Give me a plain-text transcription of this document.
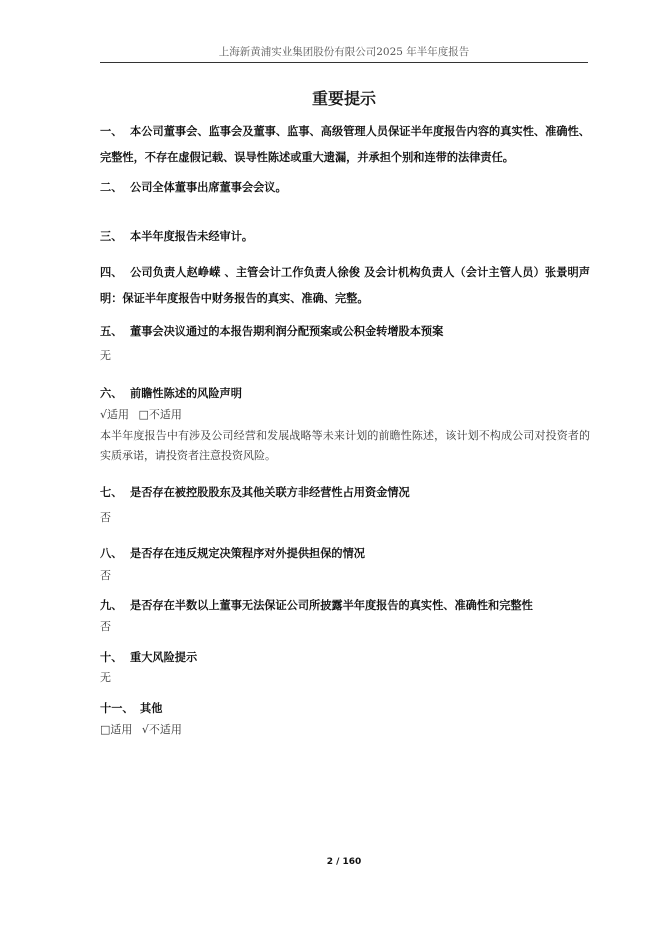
上海新黄浦实业集团股份有限公司2025 年半年度报告
重要提示
一、 本公司董事会、监事会及董事、监事、高级管理人员保证半年度报告内容的真实性、准确性、完整性，不存在虚假记载、误导性陈述或重大遗漏，并承担个别和连带的法律责任。
二、 公司全体董事出席董事会会议。
三、 本半年度报告未经审计。
四、 公司负责人赵峥嵘 、主管会计工作负责人徐俊 及会计机构负责人（会计主管人员）张景明声明：保证半年度报告中财务报告的真实、准确、完整。
五、 董事会决议通过的本报告期利润分配预案或公积金转增股本预案
无
六、 前瞻性陈述的风险声明
√适用 □不适用
本半年度报告中有涉及公司经营和发展战略等未来计划的前瞻性陈述，该计划不构成公司对投资者的实质承诺，请投资者注意投资风险。
七、 是否存在被控股股东及其他关联方非经营性占用资金情况
否
八、 是否存在违反规定决策程序对外提供担保的情况
否
九、 是否存在半数以上董事无法保证公司所披露半年度报告的真实性、准确性和完整性
否
十、 重大风险提示
无
十一、 其他
□适用 √不适用
2 / 160
